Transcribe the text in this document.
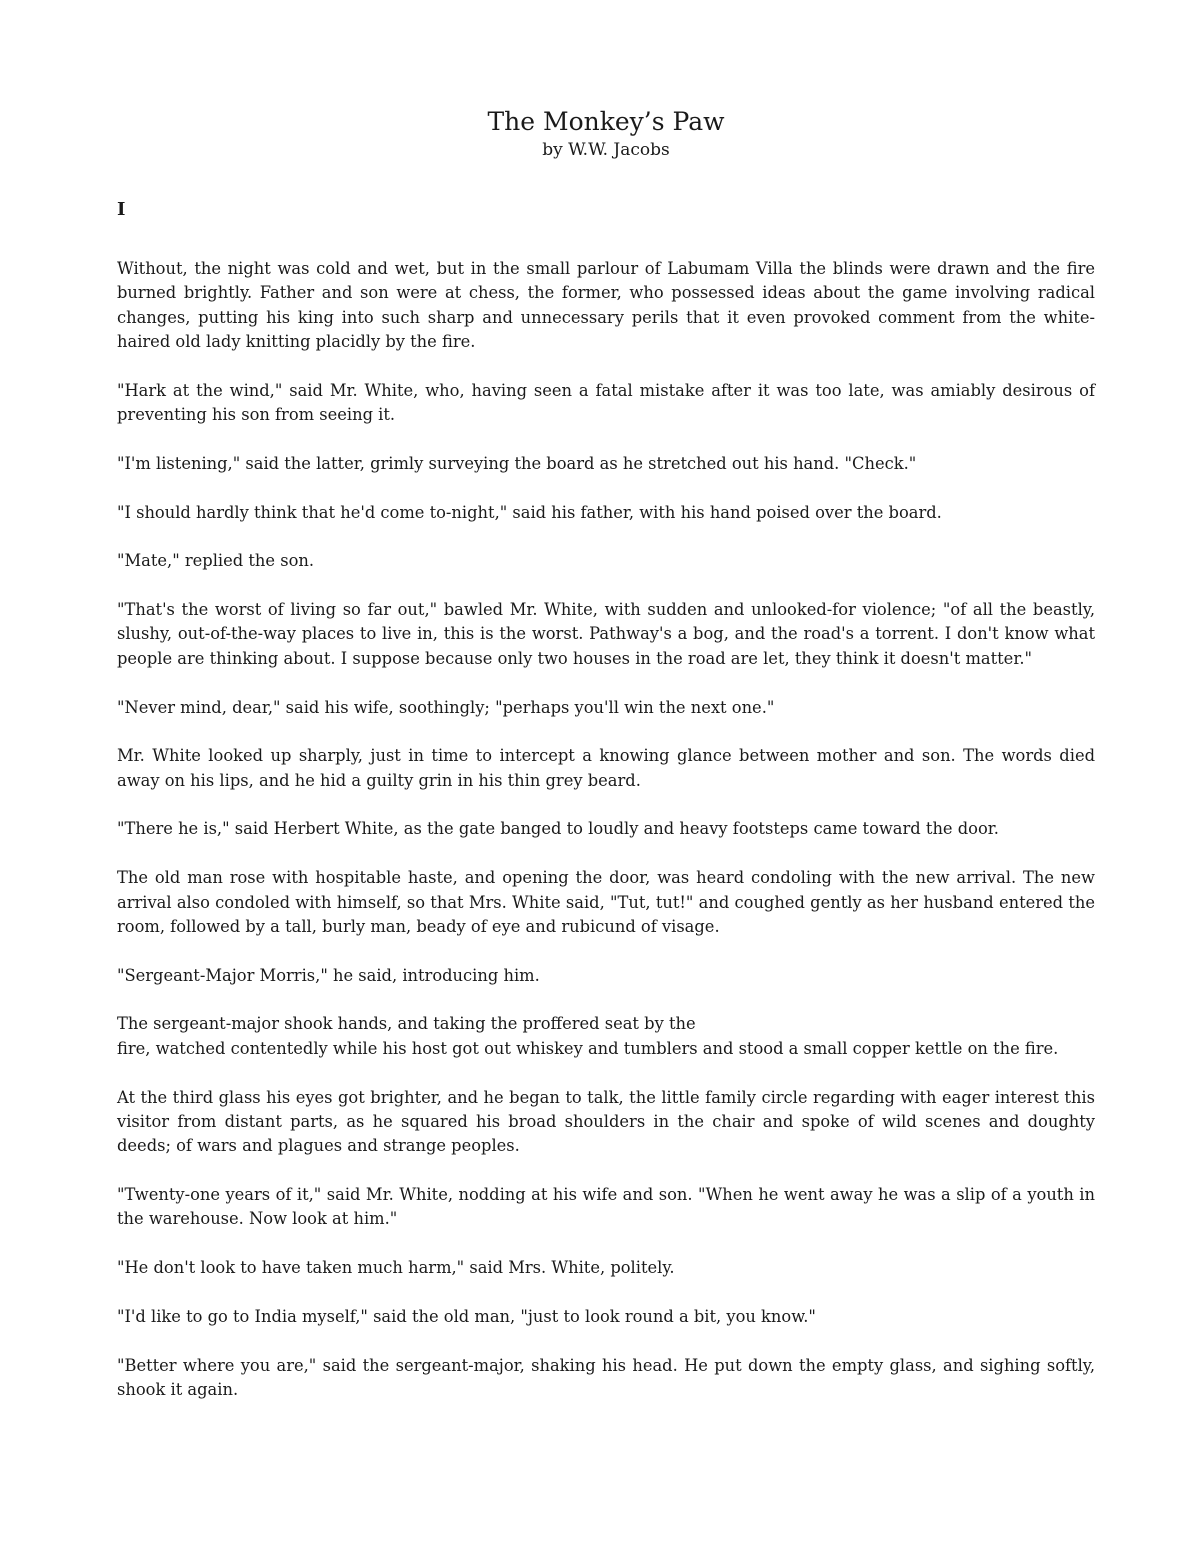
The Monkey’s Paw

by W.W. Jacobs

I

Without, the night was cold and wet, but in the small parlour of Labumam Villa the blinds were drawn and the fire burned brightly. Father and son were at chess, the former, who possessed ideas about the game involving radical changes, putting his king into such sharp and unnecessary perils that it even provoked comment from the white-haired old lady knitting placidly by the fire.

"Hark at the wind," said Mr. White, who, having seen a fatal mistake after it was too late, was amiably desirous of preventing his son from seeing it.

"I'm listening," said the latter, grimly surveying the board as he stretched out his hand. "Check."

"I should hardly think that he'd come to-night," said his father, with his hand poised over the board.

"Mate," replied the son.

"That's the worst of living so far out," bawled Mr. White, with sudden and unlooked-for violence; "of all the beastly, slushy, out-of-the-way places to live in, this is the worst. Pathway's a bog, and the road's a torrent. I don't know what people are thinking about. I suppose because only two houses in the road are let, they think it doesn't matter."

"Never mind, dear," said his wife, soothingly; "perhaps you'll win the next one."

Mr. White looked up sharply, just in time to intercept a knowing glance between mother and son. The words died away on his lips, and he hid a guilty grin in his thin grey beard.

"There he is," said Herbert White, as the gate banged to loudly and heavy footsteps came toward the door.

The old man rose with hospitable haste, and opening the door, was heard condoling with the new arrival. The new arrival also condoled with himself, so that Mrs. White said, "Tut, tut!" and coughed gently as her husband entered the room, followed by a tall, burly man, beady of eye and rubicund of visage.

"Sergeant-Major Morris," he said, introducing him.

The sergeant-major shook hands, and taking the proffered seat by the
fire, watched contentedly while his host got out whiskey and tumblers and stood a small copper kettle on the fire.

At the third glass his eyes got brighter, and he began to talk, the little family circle regarding with eager interest this visitor from distant parts, as he squared his broad shoulders in the chair and spoke of wild scenes and doughty deeds; of wars and plagues and strange peoples.

"Twenty-one years of it," said Mr. White, nodding at his wife and son. "When he went away he was a slip of a youth in the warehouse. Now look at him."

"He don't look to have taken much harm," said Mrs. White, politely.

"I'd like to go to India myself," said the old man, "just to look round a bit, you know."

"Better where you are," said the sergeant-major, shaking his head. He put down the empty glass, and sighing softly, shook it again.
